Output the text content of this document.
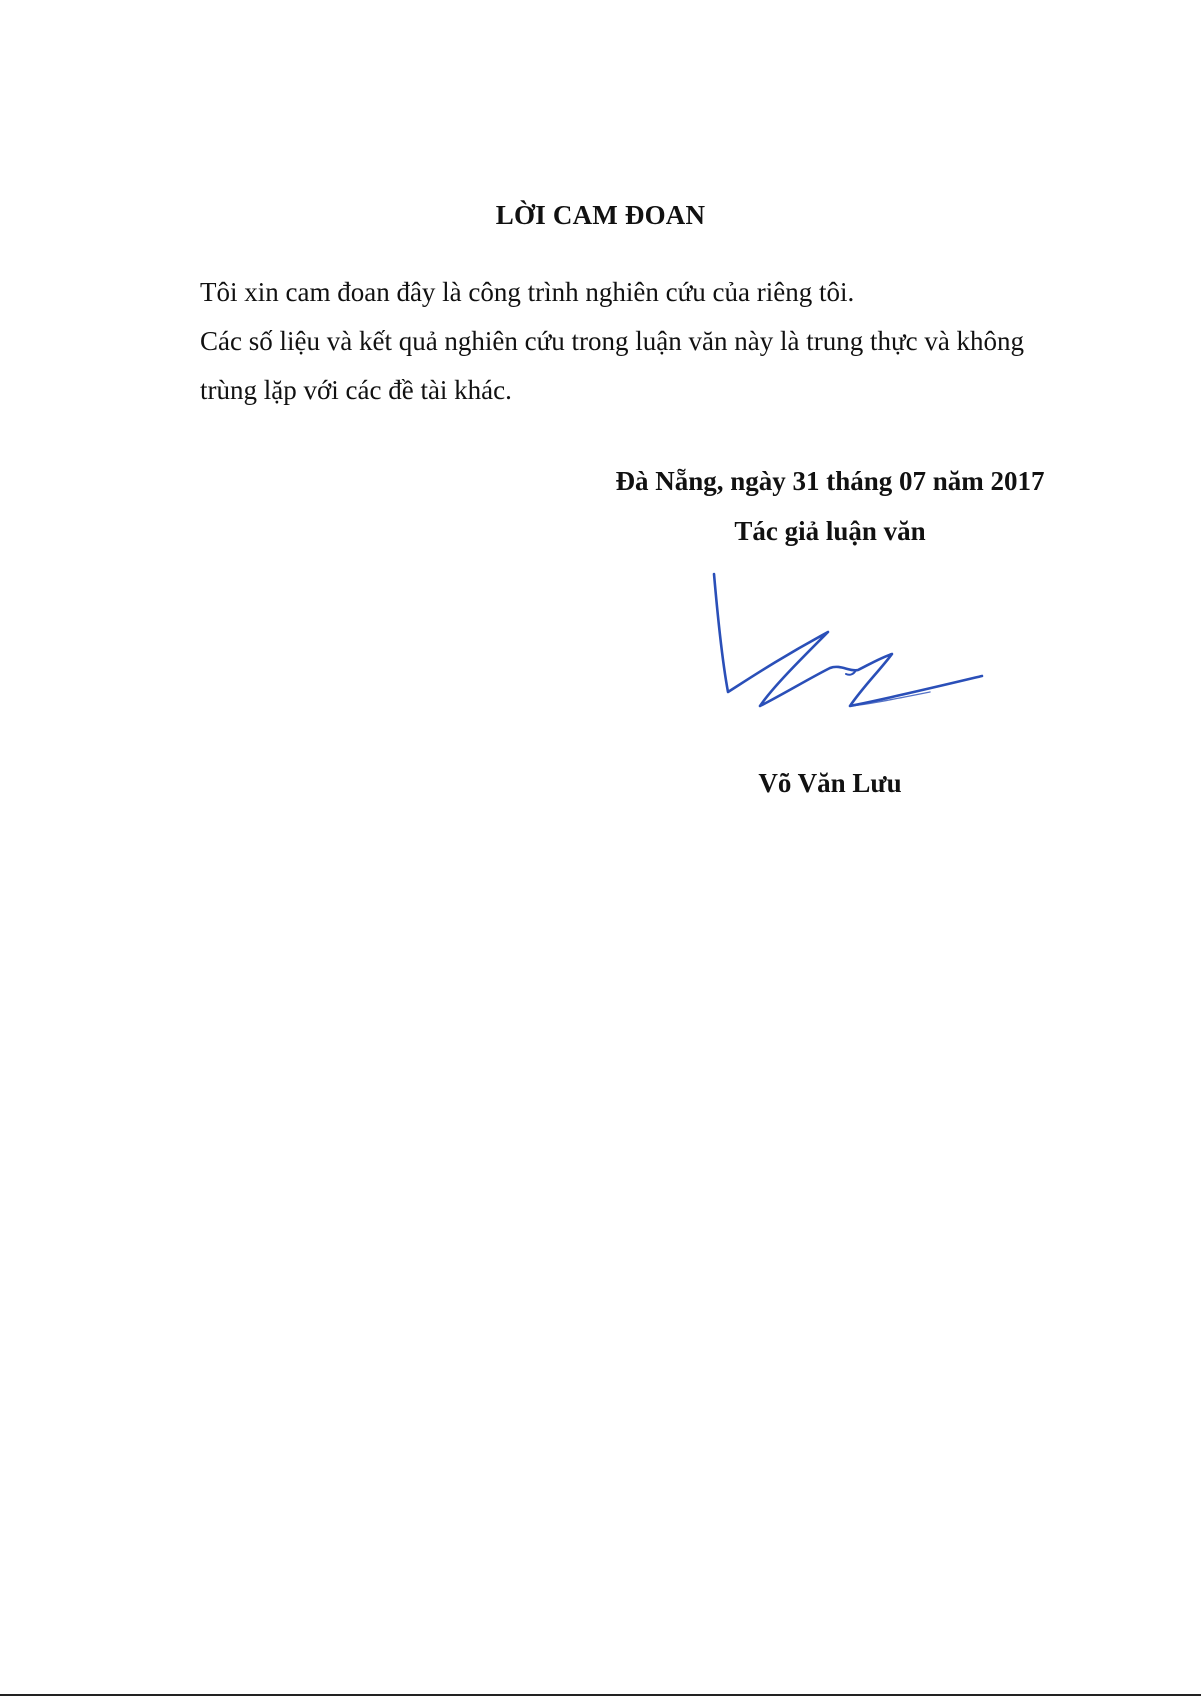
LỜI CAM ĐOAN

Tôi xin cam đoan đây là công trình nghiên cứu của riêng tôi.

Các số liệu và kết quả nghiên cứu trong luận văn này là trung thực và không trùng lặp với các đề tài khác.

Đà Nẵng, ngày 31 tháng 07 năm 2017
Tác giả luận văn
Võ Văn Lưu
